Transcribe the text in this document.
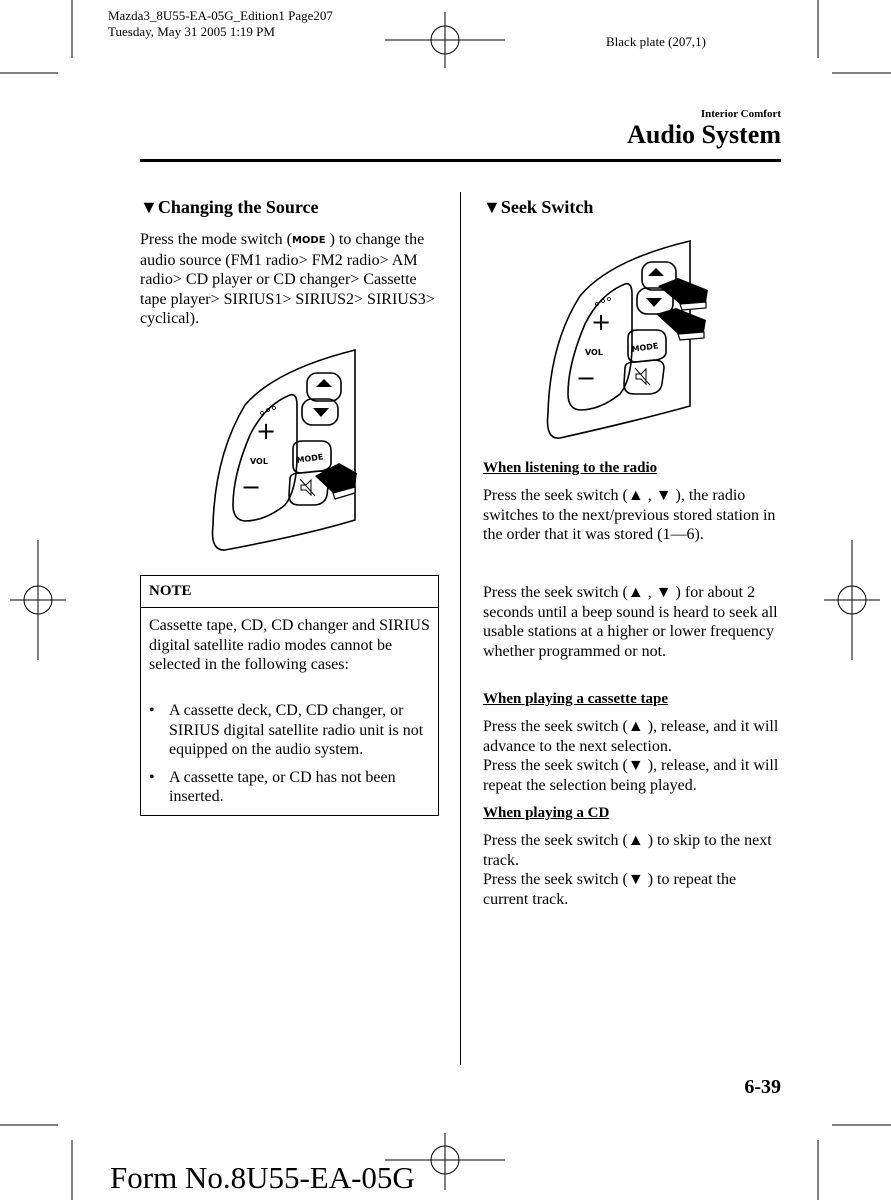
Mazda3_8U55-EA-05G_Edition1 Page207
Tuesday, May 31 2005 1:19 PM
Black plate (207,1)
Interior Comfort
Audio System
▼Changing the Source
Press the mode switch (MODE ) to change the audio source (FM1 radio> FM2 radio> AM radio> CD player or CD changer> Cassette tape player> SIRIUS1> SIRIUS2> SIRIUS3> cyclical).
+
VOL
−
MODE
NOTE
Cassette tape, CD, CD changer and SIRIUS digital satellite radio modes cannot be selected in the following cases:
• A cassette deck, CD, CD changer, or SIRIUS digital satellite radio unit is not equipped on the audio system.
• A cassette tape, or CD has not been inserted.
▼Seek Switch
+
VOL
−
MODE
When listening to the radio
Press the seek switch (▲ , ▼ ), the radio switches to the next/previous stored station in the order that it was stored (1—6).
Press the seek switch (▲ , ▼ ) for about 2 seconds until a beep sound is heard to seek all usable stations at a higher or lower frequency whether programmed or not.
When playing a cassette tape
Press the seek switch (▲ ), release, and it will advance to the next selection.
Press the seek switch (▼ ), release, and it will repeat the selection being played.
When playing a CD
Press the seek switch (▲ ) to skip to the next track.
Press the seek switch (▼ ) to repeat the current track.
6-39
Form No.8U55-EA-05G
